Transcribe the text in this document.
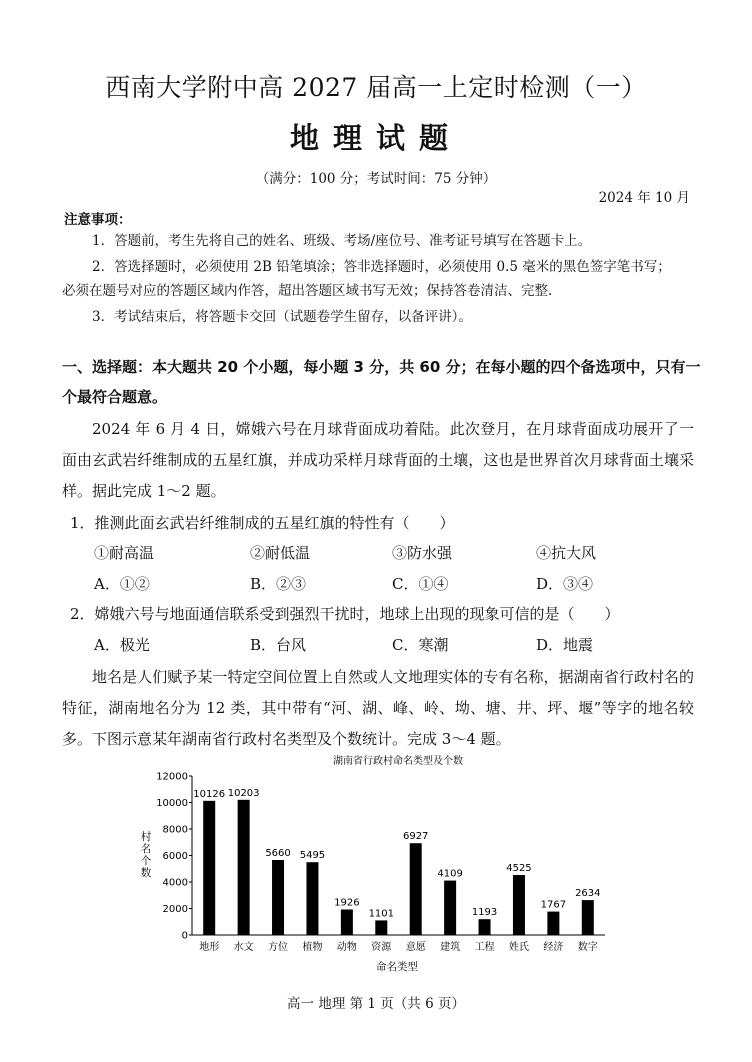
西南大学附中高 2027 届高一上定时检测（一）
地理试题
（满分：100 分；考试时间：75 分钟）
2024 年 10 月
注意事项：
1．答题前，考生先将自己的姓名、班级、考场/座位号、准考证号填写在答题卡上。
2．答选择题时，必须使用 2B 铅笔填涂；答非选择题时，必须使用 0.5 毫米的黑色签字笔书写；
必须在题号对应的答题区域内作答，超出答题区域书写无效；保持答卷清洁、完整.
3．考试结束后，将答题卡交回（试题卷学生留存，以备评讲）。
一、选择题：本大题共 20 个小题，每小题 3 分，共 60 分；在每小题的四个备选项中，只有一个最符合题意。
2024 年 6 月 4 日，嫦娥六号在月球背面成功着陆。此次登月，在月球背面成功展开了一面由玄武岩纤维制成的五星红旗，并成功采样月球背面的土壤，这也是世界首次月球背面土壤采样。据此完成 1～2 题。
1．推测此面玄武岩纤维制成的五星红旗的特性有（　　）
①耐高温	②耐低温	③防水强	④抗大风
A．①②	B．②③	C．①④	D．③④
2．嫦娥六号与地面通信联系受到强烈干扰时，地球上出现的现象可信的是（　　）
A．极光	B．台风	C．寒潮	D．地震
地名是人们赋予某一特定空间位置上自然或人文地理实体的专有名称，据湖南省行政村名的特征，湖南地名分为 12 类，其中带有“河、湖、峰、岭、坳、塘、井、坪、堰”等字的地名较多。下图示意某年湖南省行政村名类型及个数统计。完成 3～4 题。
湖南省行政村命名类型及个数
村
名
个
数
命名类型
0
2000
4000
6000
8000
10000
12000
10126
地形
10203
水文
5660
方位
5495
植物
1926
动物
1101
资源
6927
意愿
4109
建筑
1193
工程
4525
姓氏
1767
经济
2634
数字
高一 地理 第 1 页（共 6 页）
